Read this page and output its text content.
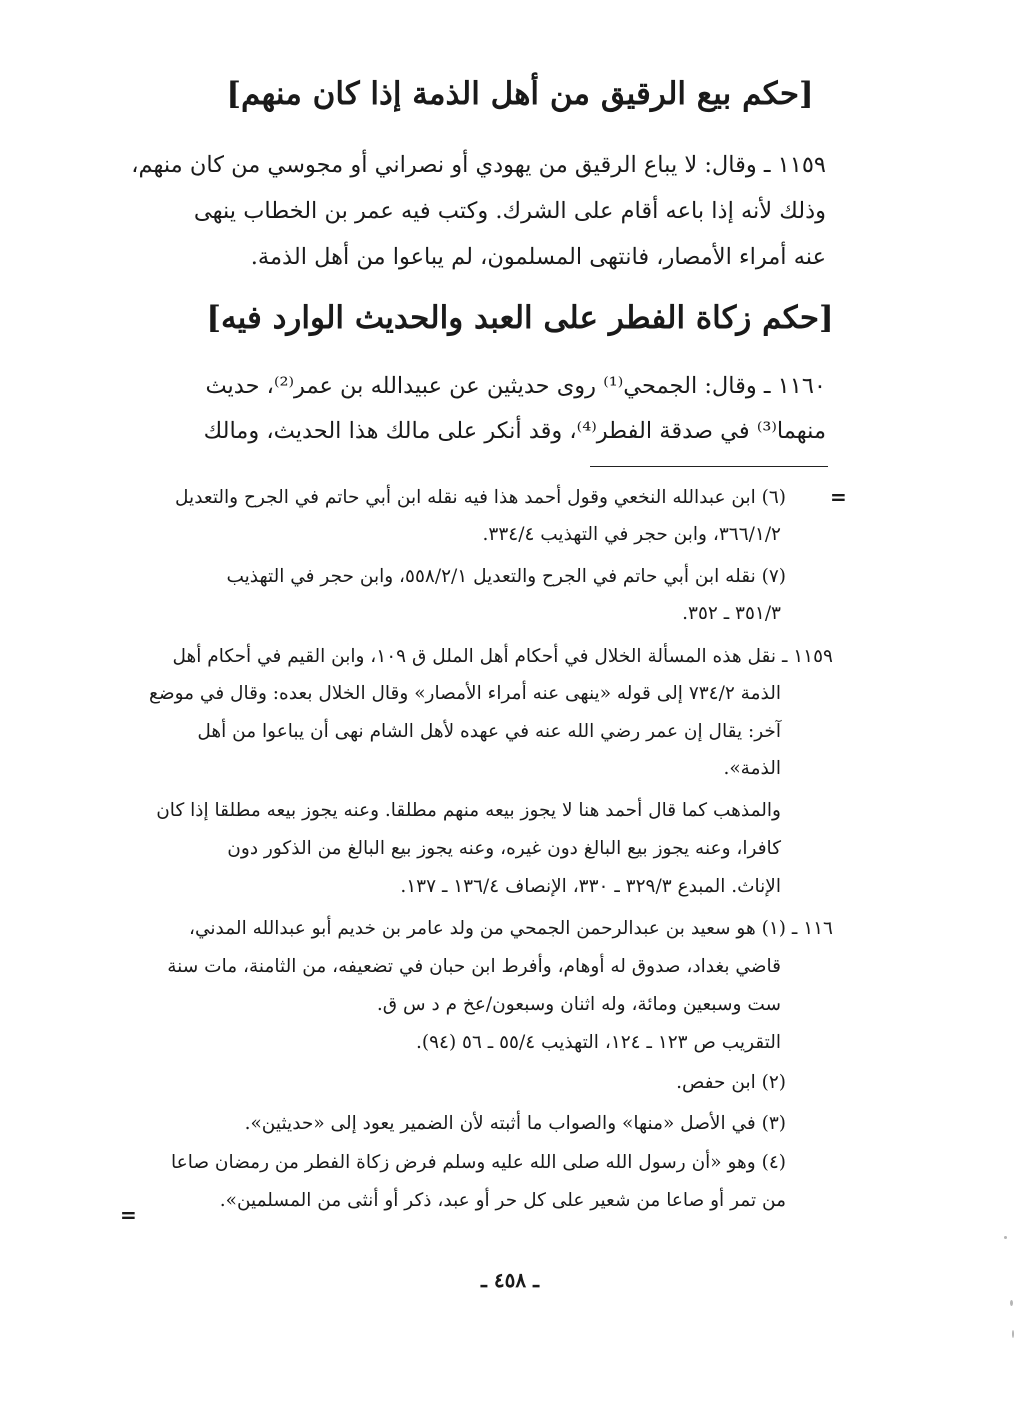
[حكم بيع الرقيق من أهل الذمة إذا كان منهم]
١١٥٩ ـ وقال: لا يباع الرقيق من يهودي أو نصراني أو مجوسي من كان منهم،
وذلك لأنه إذا باعه أقام على الشرك. وكتب فيه عمر بن الخطاب ينهى
عنه أمراء الأمصار، فانتهى المسلمون، لم يباعوا من أهل الذمة.
[حكم زكاة الفطر على العبد والحديث الوارد فيه]
١١٦٠ ـ وقال: الجمحي⁽¹⁾ روى حديثين عن عبيدالله بن عمر⁽²⁾، حديث
منهما⁽³⁾ في صدقة الفطر⁽⁴⁾، وقد أنكر على مالك هذا الحديث، ومالك
=
(٦) ابن عبدالله النخعي وقول أحمد هذا فيه نقله ابن أبي حاتم في الجرح والتعديل
٣٦٦/١/٢، وابن حجر في التهذيب ٣٣٤/٤.
(٧) نقله ابن أبي حاتم في الجرح والتعديل ٥٥٨/٢/١، وابن حجر في التهذيب
٣٥١/٣ ـ ٣٥٢.
١١٥٩ ـ نقل هذه المسألة الخلال في أحكام أهل الملل ق ١٠٩، وابن القيم في أحكام أهل
الذمة ٧٣٤/٢ إلى قوله «ينهى عنه أمراء الأمصار» وقال الخلال بعده: وقال في موضع
آخر: يقال إن عمر رضي الله عنه في عهده لأهل الشام نهى أن يباعوا من أهل
الذمة».
والمذهب كما قال أحمد هنا لا يجوز بيعه منهم مطلقا. وعنه يجوز بيعه مطلقا إذا كان
كافرا، وعنه يجوز بيع البالغ دون غيره، وعنه يجوز بيع البالغ من الذكور دون
الإناث. المبدع ٣٢٩/٣ ـ ٣٣٠، الإنصاف ١٣٦/٤ ـ ١٣٧.
١١٦ ـ (١) هو سعيد بن عبدالرحمن الجمحي من ولد عامر بن خديم أبو عبدالله المدني،
قاضي بغداد، صدوق له أوهام، وأفرط ابن حبان في تضعيفه، من الثامنة، مات سنة
ست وسبعين ومائة، وله اثنان وسبعون/عخ م د س ق.
التقريب ص ١٢٣ ـ ١٢٤، التهذيب ٥٥/٤ ـ ٥٦ (٩٤).
(٢) ابن حفص.
(٣) في الأصل «منها» والصواب ما أثبته لأن الضمير يعود إلى «حديثين».
(٤) وهو «أن رسول الله صلى الله عليه وسلم فرض زكاة الفطر من رمضان صاعا
من تمر أو صاعا من شعير على كل حر أو عبد، ذكر أو أنثى من المسلمين».
=
ـ ٤٥٨ ـ
